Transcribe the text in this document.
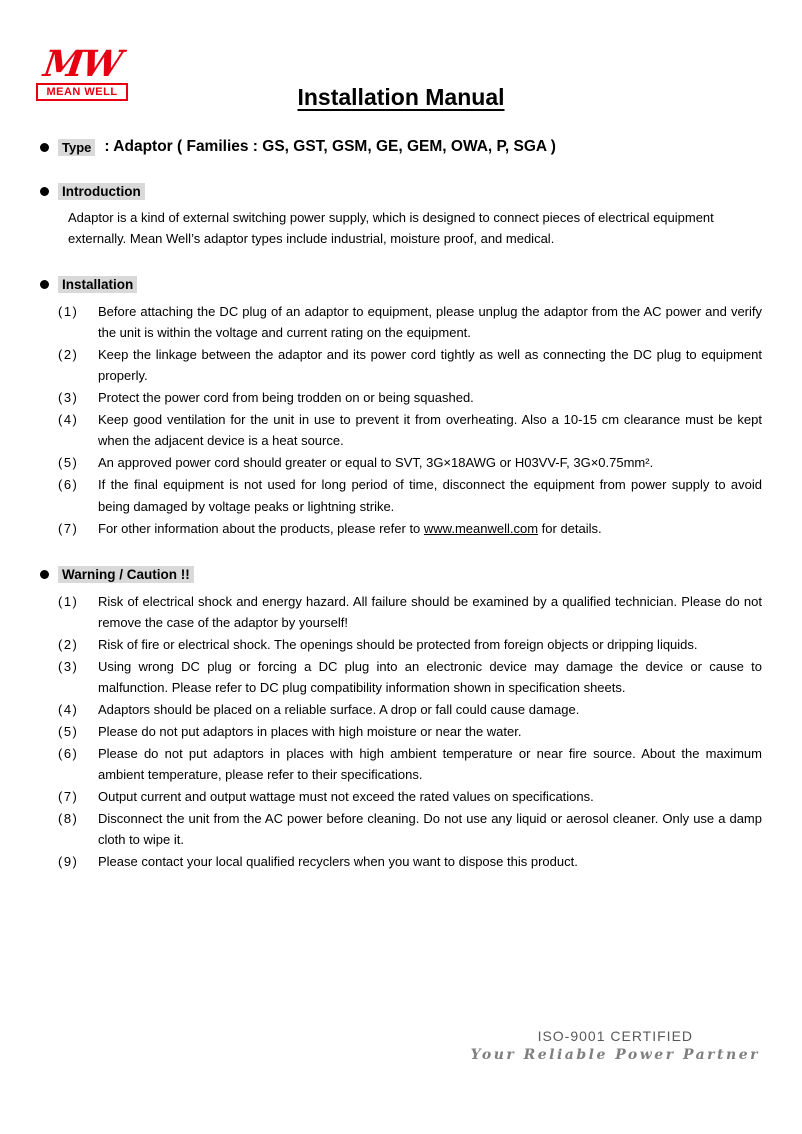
MW
MEAN WELL	Installation Manual
Type : Adaptor ( Families : GS, GST, GSM, GE, GEM, OWA, P, SGA )
Introduction

Adaptor is a kind of external switching power supply, which is designed to connect pieces of electrical equipment externally. Mean Well’s adaptor types include industrial, moisture proof, and medical.

Installation
(1)	Before attaching the DC plug of an adaptor to equipment, please unplug the adaptor from the AC power and verify the unit is within the voltage and current rating on the equipment.
(2)	Keep the linkage between the adaptor and its power cord tightly as well as connecting the DC plug to equipment properly.
(3)	Protect the power cord from being trodden on or being squashed.
(4)	Keep good ventilation for the unit in use to prevent it from overheating. Also a 10-15 cm clearance must be kept when the adjacent device is a heat source.
(5)	An approved power cord should greater or equal to SVT, 3G×18AWG or H03VV-F, 3G×0.75mm².
(6)	If the final equipment is not used for long period of time, disconnect the equipment from power supply to avoid being damaged by voltage peaks or lightning strike.
(7)	For other information about the products, please refer to www.meanwell.com for details.
Warning / Caution !!
(1)	Risk of electrical shock and energy hazard. All failure should be examined by a qualified technician. Please do not remove the case of the adaptor by yourself!
(2)	Risk of fire or electrical shock. The openings should be protected from foreign objects or dripping liquids.
(3)	Using wrong DC plug or forcing a DC plug into an electronic device may damage the device or cause to malfunction. Please refer to DC plug compatibility information shown in specification sheets.
(4)	Adaptors should be placed on a reliable surface. A drop or fall could cause damage.
(5)	Please do not put adaptors in places with high moisture or near the water.
(6)	Please do not put adaptors in places with high ambient temperature or near fire source. About the maximum ambient temperature, please refer to their specifications.
(7)	Output current and output wattage must not exceed the rated values on specifications.
(8)	Disconnect the unit from the AC power before cleaning. Do not use any liquid or aerosol cleaner. Only use a damp cloth to wipe it.
(9)	Please contact your local qualified recyclers when you want to dispose this product.
ISO-9001 CERTIFIED
Your Reliable Power Partner
